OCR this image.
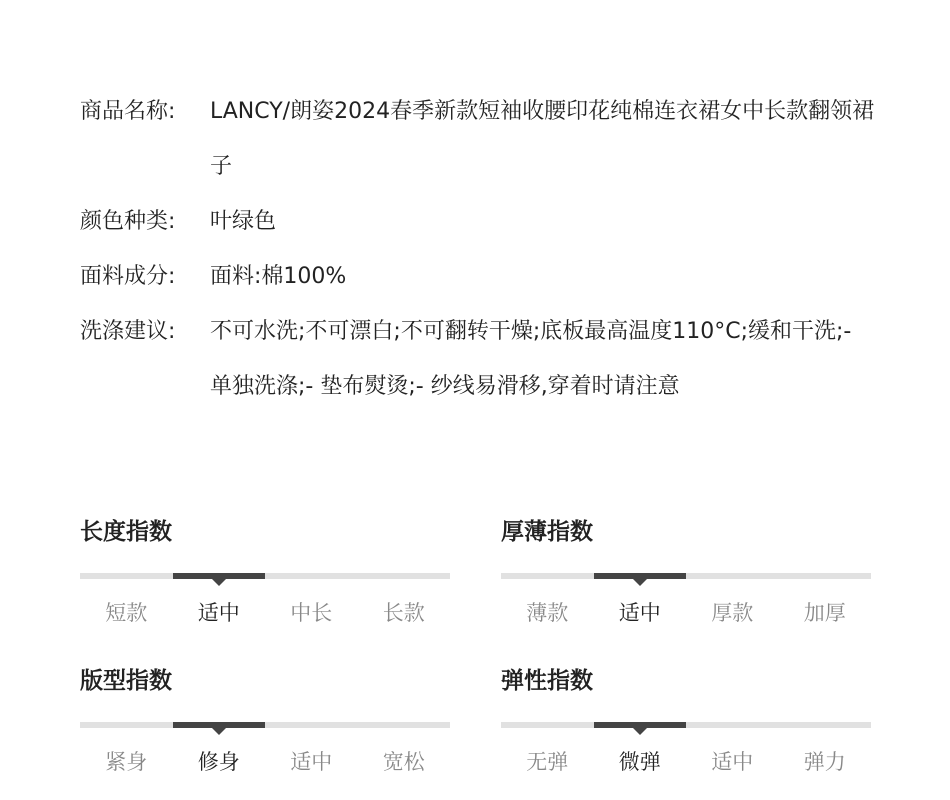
商品名称:	LANCY/朗姿2024春季新款短袖收腰印花纯棉连衣裙女中长款翻领裙子
颜色种类:	叶绿色
面料成分:	面料:棉100%
洗涤建议:	不可水洗;不可漂白;不可翻转干燥;底板最高温度110°C;缓和干洗;- 单独洗涤;- 垫布熨烫;- 纱线易滑移,穿着时请注意
长度指数
短款	适中	中长	长款
厚薄指数
薄款	适中	厚款	加厚
版型指数
紧身	修身	适中	宽松
弹性指数
无弹	微弹	适中	弹力
